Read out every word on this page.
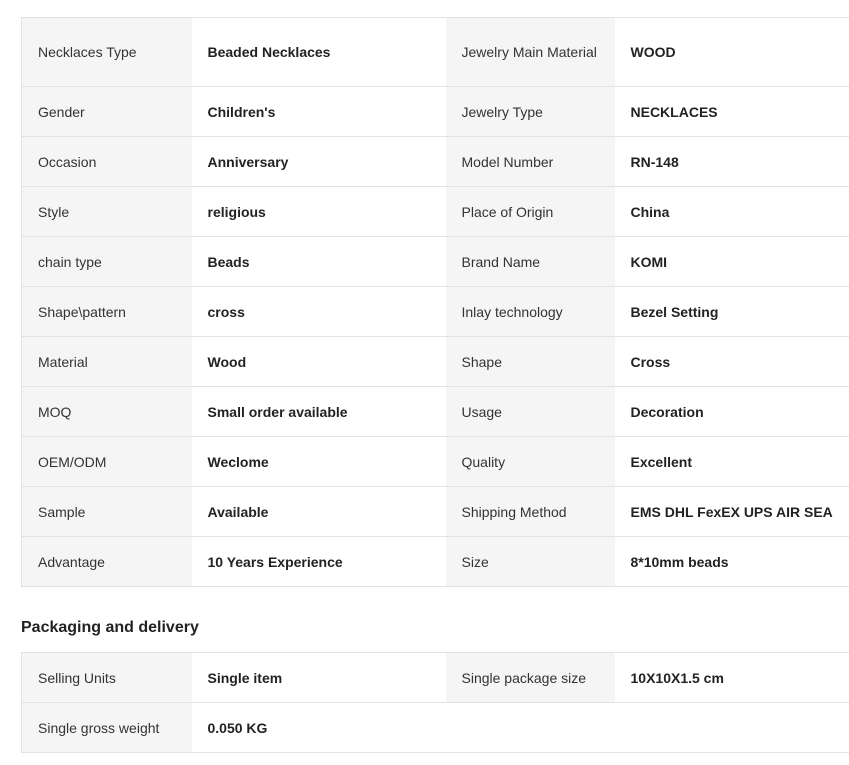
Necklaces Type	Beaded Necklaces	Jewelry Main Material	WOOD
Gender	Children's	Jewelry Type	NECKLACES
Occasion	Anniversary	Model Number	RN-148
Style	religious	Place of Origin	China
chain type	Beads	Brand Name	KOMI
Shape\pattern	cross	Inlay technology	Bezel Setting
Material	Wood	Shape	Cross
MOQ	Small order available	Usage	Decoration
OEM/ODM	Weclome	Quality	Excellent
Sample	Available	Shipping Method	EMS DHL FexEX UPS AIR SEA
Advantage	10 Years Experience	Size	8*10mm beads
Packaging and delivery
Selling Units	Single item	Single package size	10X10X1.5 cm
Single gross weight	0.050 KG		
